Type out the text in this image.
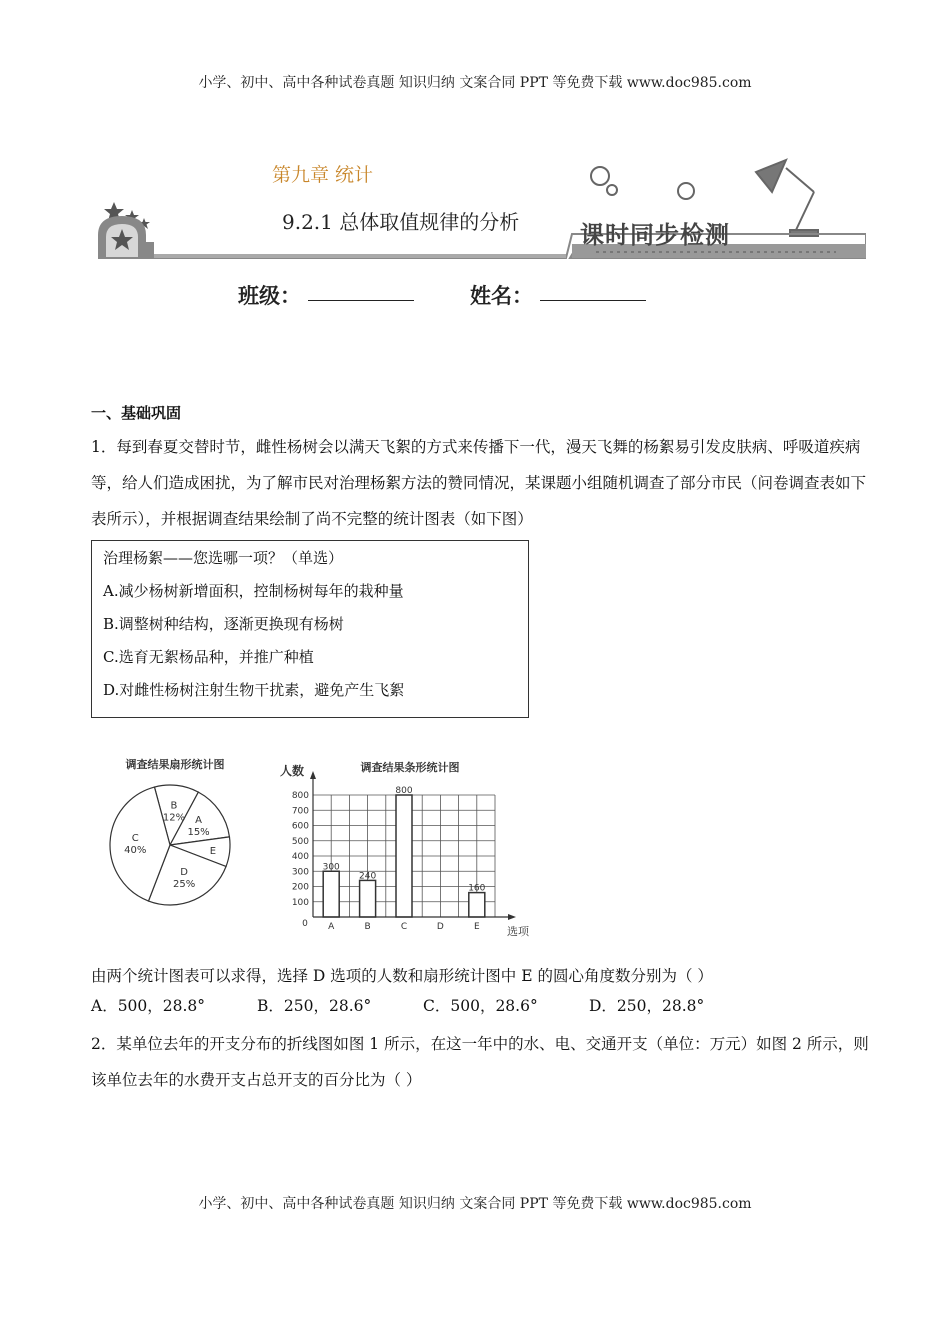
小学、初中、高中各种试卷真题 知识归纳 文案合同 PPT 等免费下载 www.doc985.com
小学、初中、高中各种试卷真题 知识归纳 文案合同 PPT 等免费下载 www.doc985.com
第九章 统计
9.2.1 总体取值规律的分析	课时同步检测
班级：	姓名：
一、基础巩固
1．每到春夏交替时节，雌性杨树会以满天飞絮的方式来传播下一代，漫天飞舞的杨絮易引发皮肤病、呼吸道疾病等，给人们造成困扰，为了解市民对治理杨絮方法的赞同情况，某课题小组随机调查了部分市民（问卷调查表如下表所示），并根据调查结果绘制了尚不完整的统计图表（如下图）
治理杨絮——您选哪一项？（单选）
A.减少杨树新增面积，控制杨树每年的栽种量
B.调整树种结构，逐渐更换现有杨树
C.选育无絮杨品种，并推广种植
D.对雌性杨树注射生物干扰素，避免产生飞絮
调查结果扇形统计图
B
12% A
15%
E
D
25%
C
40%
人数	调查结果条形统计图
选项
0
100
200
300
400
500
600
700
800
A
300
B
240
C
800
D	E
160
由两个统计图表可以求得，选择 D 选项的人数和扇形统计图中 E 的圆心角度数分别为（ ）
A．500，28.8°	B．250，28.6°	C．500，28.6°	D．250，28.8°
2．某单位去年的开支分布的折线图如图 1 所示，在这一年中的水、电、交通开支（单位：万元）如图 2 所示，则该单位去年的水费开支占总开支的百分比为（ ）
